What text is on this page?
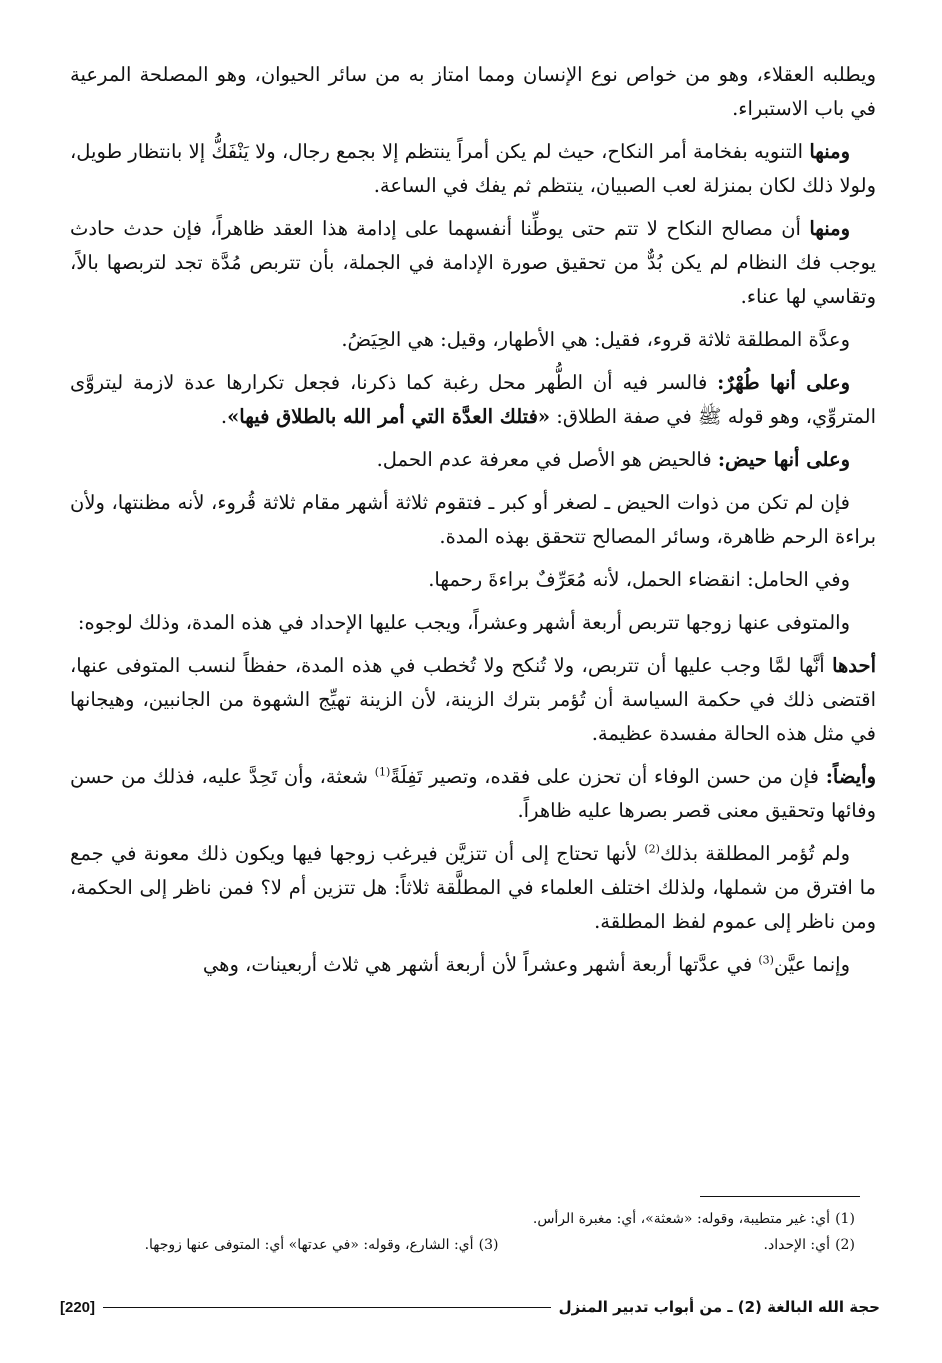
ويطلبه العقلاء، وهو من خواص نوع الإنسان ومما امتاز به من سائر الحيوان، وهو المصلحة المرعية في باب الاستبراء.

ومنها التنويه بفخامة أمر النكاح، حيث لم يكن أمراً ينتظم إلا بجمع رجال، ولا يَنْفَكُّ إلا بانتظار طويل، ولولا ذلك لكان بمنزلة لعب الصبيان، ينتظم ثم يفك في الساعة.

ومنها أن مصالح النكاح لا تتم حتى يوطِّنا أنفسهما على إدامة هذا العقد ظاهراً، فإن حدث حادث يوجب فك النظام لم يكن بُدٌّ من تحقيق صورة الإدامة في الجملة، بأن تتربص مُدَّة تجد لتربصها بالاً، وتقاسي لها عناء.

وعدَّة المطلقة ثلاثة قروء، فقيل: هي الأطهار، وقيل: هي الحِيَضُ.

وعلى أنها طُهْرٌ: فالسر فيه أن الطُّهر محل رغبة كما ذكرنا، فجعل تكرارها عدة لازمة ليتروَّى المتروِّي، وهو قوله ﷺ في صفة الطلاق: «فتلك العدَّة التي أمر الله بالطلاق فيها».

وعلى أنها حيض: فالحيض هو الأصل في معرفة عدم الحمل.

فإن لم تكن من ذوات الحيض ـ لصغر أو كبر ـ فتقوم ثلاثة أشهر مقام ثلاثة قُروء، لأنه مظنتها، ولأن براءة الرحم ظاهرة، وسائر المصالح تتحقق بهذه المدة.

وفي الحامل: انقضاء الحمل، لأنه مُعَرِّفٌ براءةَ رحمها.

والمتوفى عنها زوجها تتربص أربعة أشهر وعشراً، ويجب عليها الإحداد في هذه المدة، وذلك لوجوه:

أحدها أنَّها لمَّا وجب عليها أن تتربص، ولا تُنكح ولا تُخطب في هذه المدة، حفظاً لنسب المتوفى عنها، اقتضى ذلك في حكمة السياسة أن تُؤمر بترك الزينة، لأن الزينة تهيِّج الشهوة من الجانبين، وهيجانها في مثل هذه الحالة مفسدة عظيمة.

وأيضاً: فإن من حسن الوفاء أن تحزن على فقده، وتصير تَفِلَةً$^{(1)}$ شعثة، وأن تَحِدَّ عليه، فذلك من حسن وفائها وتحقيق معنى قصر بصرها عليه ظاهراً.

ولم تُؤمر المطلقة بذلك$^{(2)}$ لأنها تحتاج إلى أن تتزيَّن فيرغب زوجها فيها ويكون ذلك معونة في جمع ما افترق من شملها، ولذلك اختلف العلماء في المطلَّقة ثلاثاً: هل تتزين أم لا؟ فمن ناظر إلى الحكمة، ومن ناظر إلى عموم لفظ المطلقة.

وإنما عيَّن$^{(3)}$ في عدَّتها أربعة أشهر وعشراً لأن أربعة أشهر هي ثلاث أربعينات، وهي

(1)
أي: غير متطيبة، وقوله: «شعثة»، أي: مغبرة الرأس.
(2)
أي: الإحداد.
(3)
أي: الشارع، وقوله: «في عدتها» أي: المتوفى عنها زوجها.
[220]	حجة الله البالغة (2) ـ من أبواب تدبير المنزل
